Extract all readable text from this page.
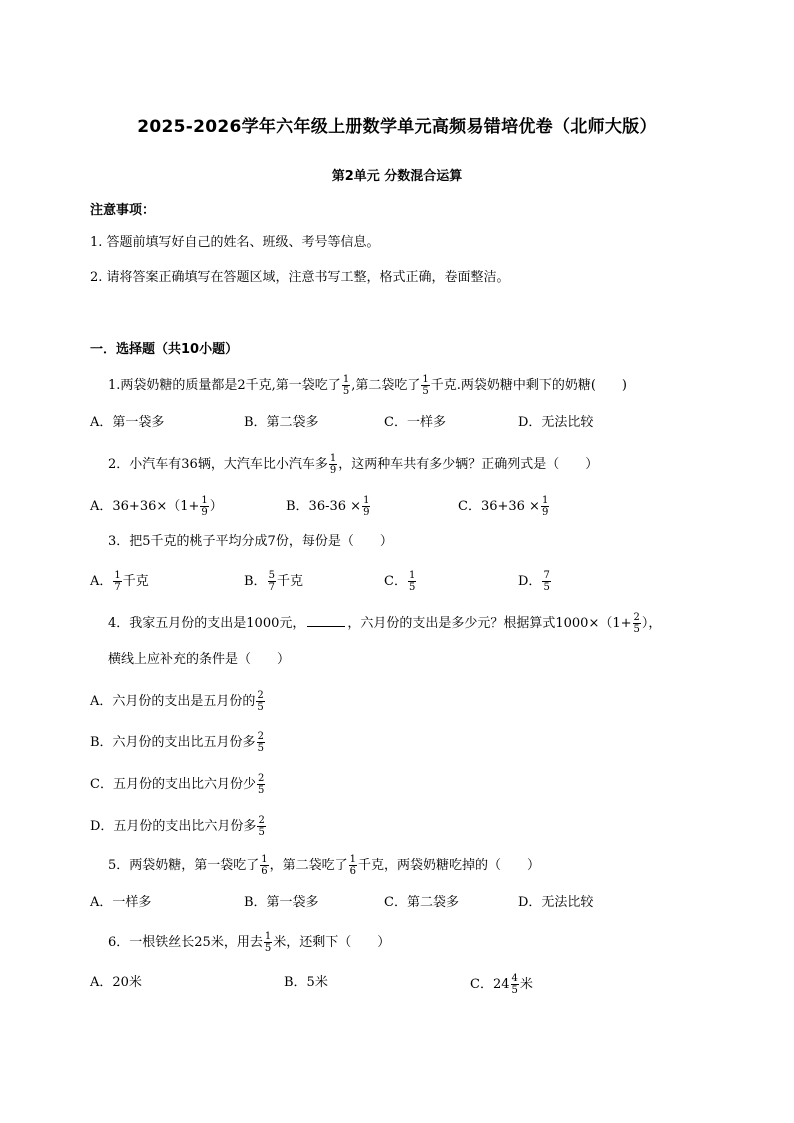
2025-2026学年六年级上册数学单元高频易错培优卷（北师大版）
第2单元 分数混合运算
注意事项：
1. 答题前填写好自己的姓名、班级、考号等信息。
2. 请将答案正确填写在答题区域，注意书写工整，格式正确，卷面整洁。
一．选择题（共10小题）
1.两袋奶糖的质量都是2千克,第一袋吃了 $\frac{1}{5}$ ,第二袋吃了 $\frac{1}{5}$ 千克.两袋奶糖中剩下的奶糖(　　)
A．第一袋多	B．第二袋多	C．一样多	D．无法比较
2．小汽车有36辆，大汽车比小汽车多 $\frac{1}{9}$ ，这两种车共有多少辆？正确列式是（　　）
A．$36+36\times(1+ \frac{1}{9}$ ）	B．$36-36 \times \frac{1}{9}$	C．$36+36 \times \frac{1}{9}$
3．把5千克的桃子平均分成7份，每份是（　　）
A． $\frac{1}{7}$ 千克	B． $\frac{5}{7}$ 千克	C． $\frac{1}{5}$	D． $\frac{7}{5}$
4．我家五月份的支出是1000元，	，六月份的支出是多少元？根据算式$1000\times(1+ \frac{2}{5}$ ），
横线上应补充的条件是（　　）
A．六月份的支出是五月份的 $\frac{2}{5}$
B．六月份的支出比五月份多 $\frac{2}{5}$
C．五月份的支出比六月份少 $\frac{2}{5}$
D．五月份的支出比六月份多 $\frac{2}{5}$
5．两袋奶糖，第一袋吃了 $\frac{1}{6}$ ，第二袋吃了 $\frac{1}{6}$ 千克，两袋奶糖吃掉的（　　）
A．一样多	B．第一袋多	C．第二袋多	D．无法比较
6．一根铁丝长25米，用去 $\frac{1}{5}$ 米，还剩下（　　）
A．20米	B．5米	C．$24 \frac{4}{5}$ 米
